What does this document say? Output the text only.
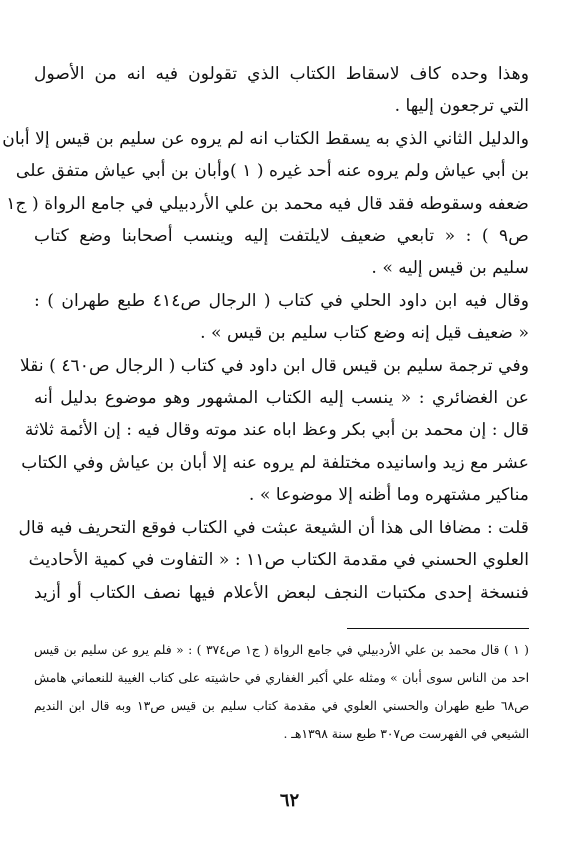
وهذا وحده كاف لاسقاط الكتاب الذي تقولون فيه انه من الأصول
التي ترجعون إليها .
والدليل الثاني الذي به يسقط الكتاب انه لم يروه عن سليم بن قيس إلا أبان
بن أبي عياش ولم يروه عنه أحد غيره ( ١ )وأبان بن أبي عياش متفق على
ضعفه وسقوطه فقد قال فيه محمد بن علي الأردبيلي في جامع الرواة ( ج١
ص٩ ) : « تابعي ضعيف لايلتفت إليه وينسب أصحابنا وضع كتاب
سليم بن قيس إليه » .
وقال فيه ابن داود الحلي في كتاب ( الرجال ص٤١٤ طبع طهران ) :
« ضعيف قيل إنه وضع كتاب سليم بن قيس » .
وفي ترجمة سليم بن قيس قال ابن داود في كتاب ( الرجال ص٤٦٠ ) نقلا
عن الغضائري : « ينسب إليه الكتاب المشهور وهو موضوع بدليل أنه
قال : إن محمد بن أبي بكر وعظ اباه عند موته وقال فيه : إن الأئمة ثلاثة
عشر مع زيد واسانيده مختلفة لم يروه عنه إلا أبان بن عياش وفي الكتاب
مناكير مشتهره وما أظنه إلا موضوعا » .
قلت : مضافا الى هذا أن الشيعة عبثت في الكتاب فوقع التحريف فيه قال
العلوي الحسني في مقدمة الكتاب ص١١ : « التفاوت في كمية الأحاديث
فنسخة إحدى مكتبات النجف لبعض الأعلام فيها نصف الكتاب أو أزيد
( ١ ) قال محمد بن علي الأردبيلي في جامع الرواة ( ج١ ص٣٧٤ ) : « فلم يرو عن سليم بن قيس
احد من الناس سوى أبان » ومثله علي أكبر الغفاري في حاشيته على كتاب الغيبة للنعماني هامش
ص٦٨ طبع طهران والحسني العلوي في مقدمة كتاب سليم بن قيس ص١٣ وبه قال ابن النديم
الشيعي في الفهرست ص٣٠٧ طبع سنة ١٣٩٨هـ .
٦٢
